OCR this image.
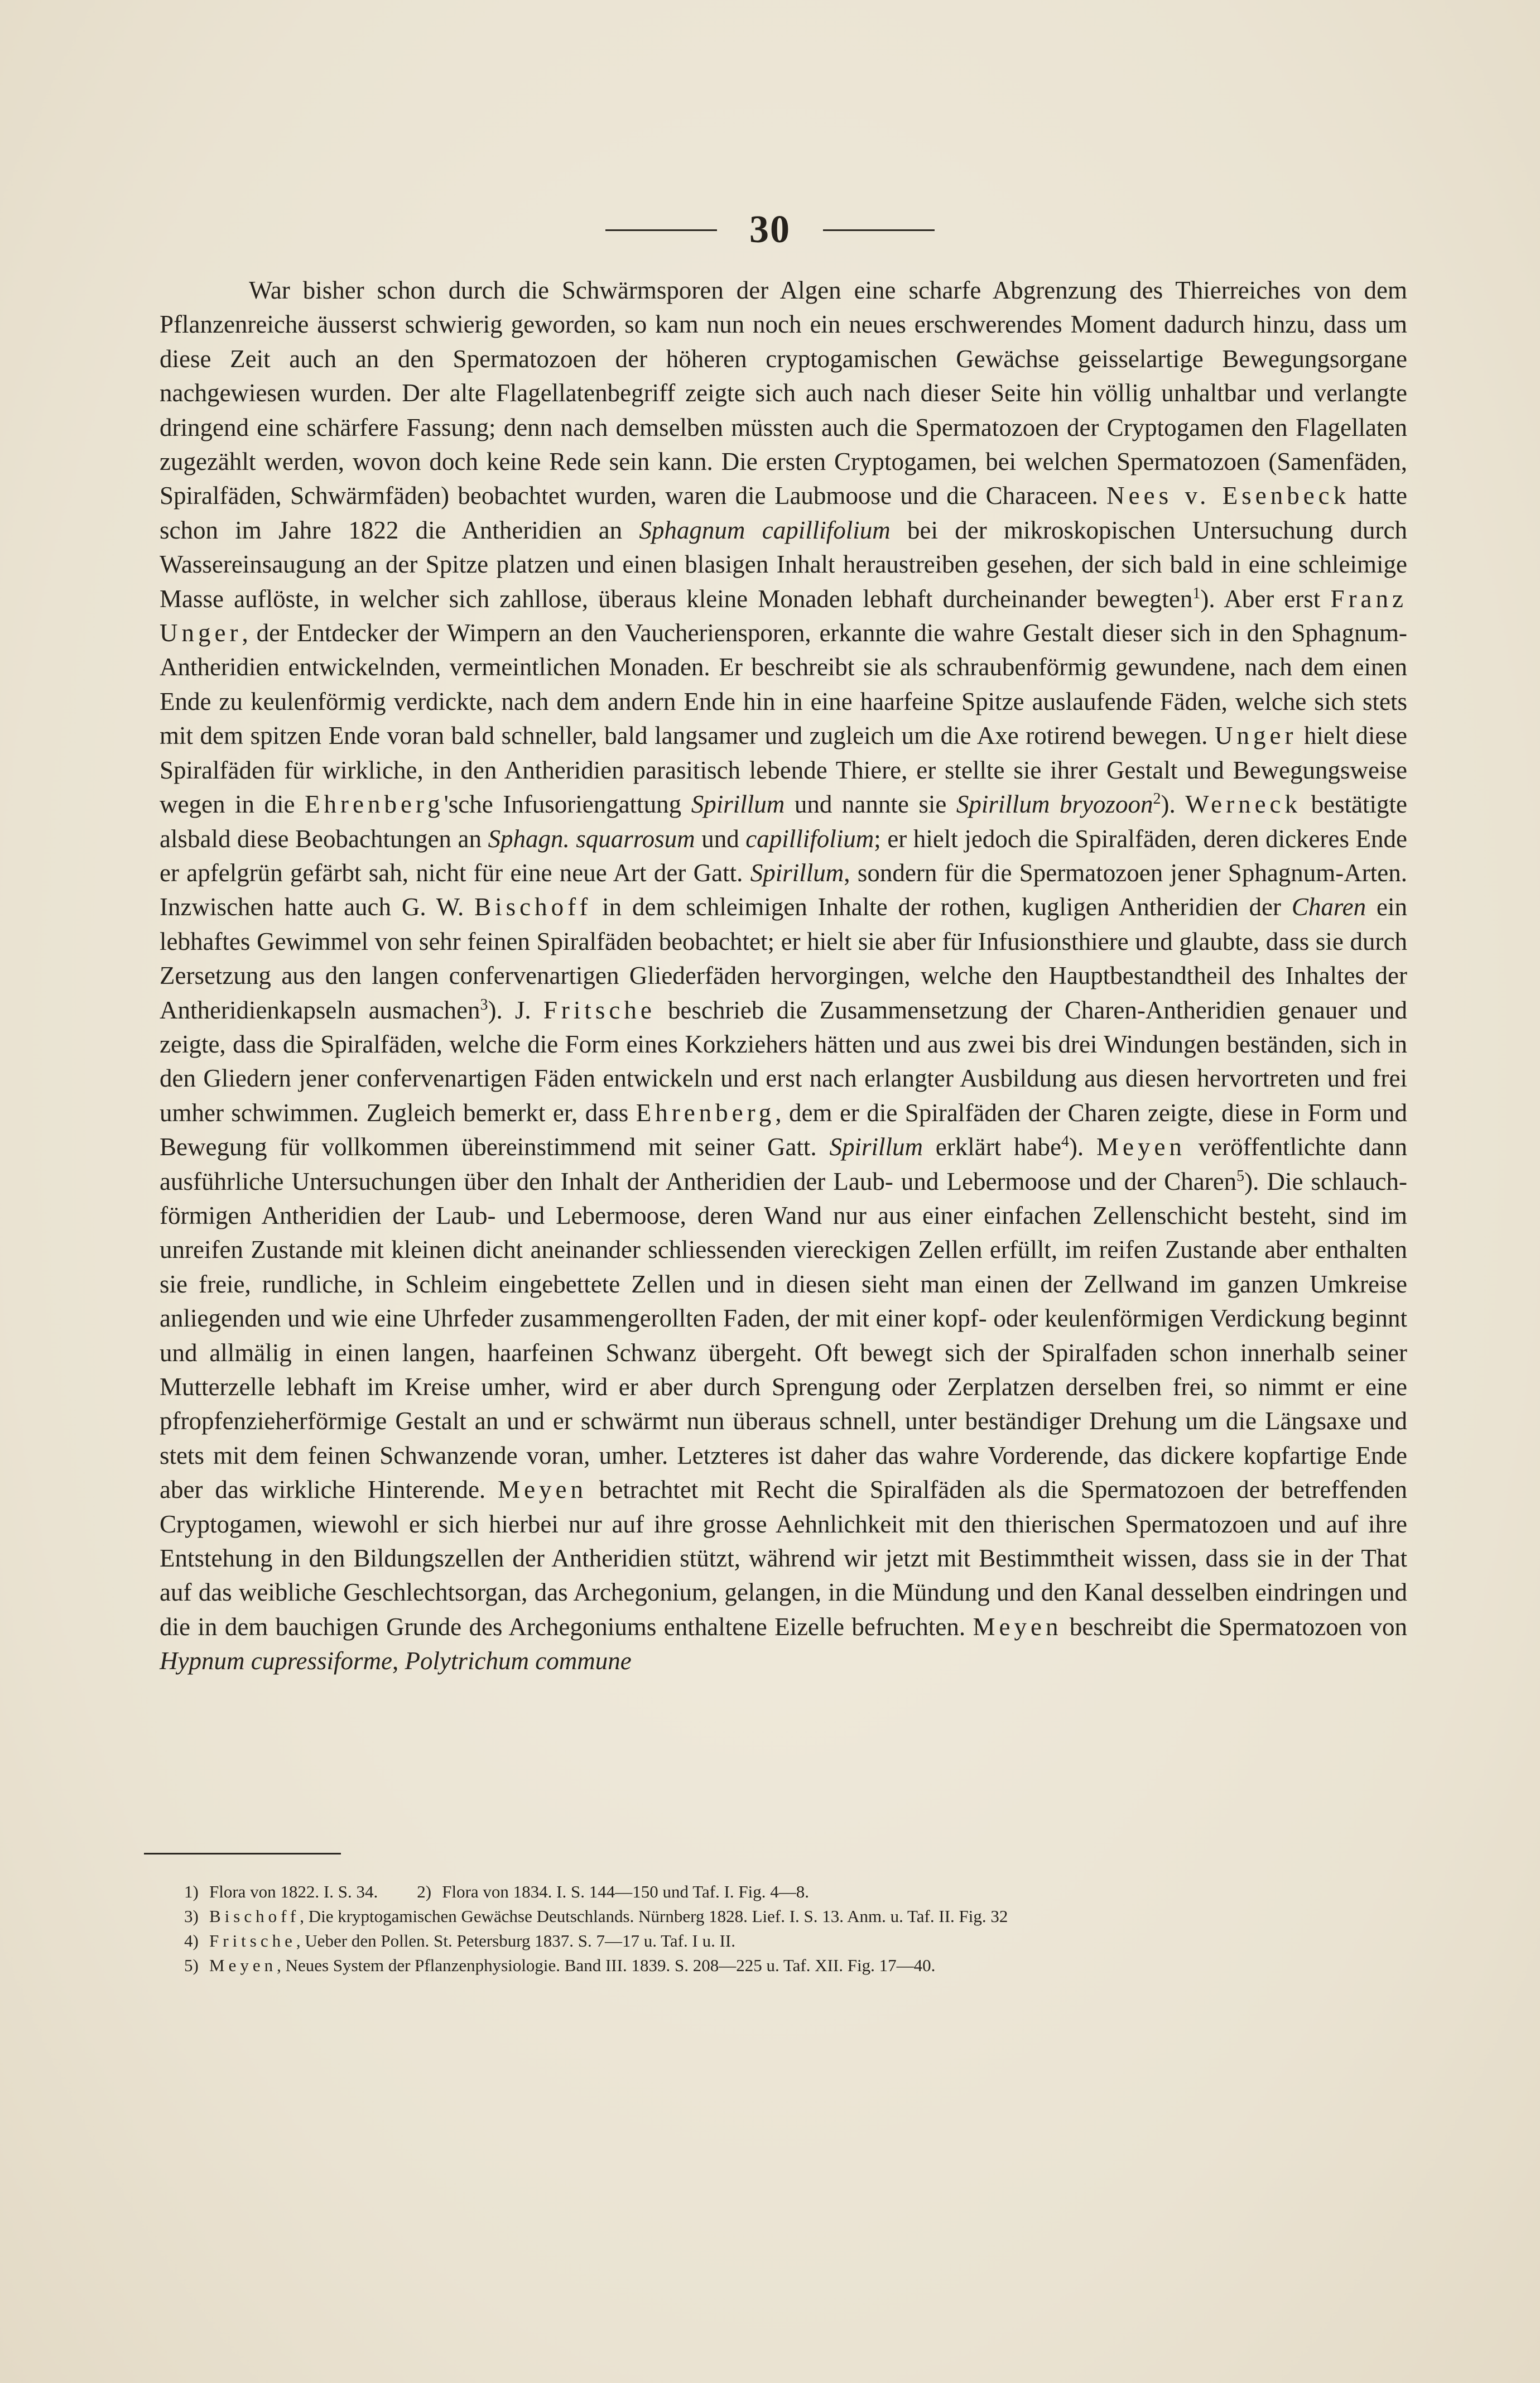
30
War bisher schon durch die Schwärmsporen der Algen eine scharfe Abgrenzung des Thierreiches von dem Pflanzenreiche äusserst schwierig geworden, so kam nun noch ein neues erschwerendes Moment dadurch hinzu, dass um diese Zeit auch an den Spermatozoen der höheren cryptogamischen Gewächse geisselartige Bewegungsorgane nachgewiesen wurden. Der alte Flagellatenbegriff zeigte sich auch nach dieser Seite hin völlig unhaltbar und verlangte dringend eine schärfere Fassung; denn nach demselben müssten auch die Spermatozoen der Cryptogamen den Flagellaten zugezählt werden, wovon doch keine Rede sein kann. Die ersten Cryptogamen, bei welchen Spermatozoen (Samenfäden, Spiralfäden, Schwärmfäden) beobachtet wurden, waren die Laubmoose und die Characeen. Nees v. Esenbeck hatte schon im Jahre 1822 die Antheridien an Sphagnum capillifolium bei der mikroskopischen Untersuchung durch Wassereinsaugung an der Spitze platzen und einen blasigen Inhalt heraustreiben gesehen, der sich bald in eine schleimige Masse auflöste, in welcher sich zahllose, überaus kleine Monaden lebhaft durcheinander bewegten$^1$). Aber erst Franz Unger, der Entdecker der Wimpern an den Vaucheriensporen, erkannte die wahre Gestalt dieser sich in den Sphagnum-Antheridien entwickelnden, vermeintlichen Monaden. Er beschreibt sie als schraubenförmig gewundene, nach dem einen Ende zu keulenförmig verdickte, nach dem andern Ende hin in eine haarfeine Spitze auslaufende Fäden, welche sich stets mit dem spitzen Ende voran bald schneller, bald langsamer und zugleich um die Axe rotirend bewegen. Unger hielt diese Spiralfäden für wirkliche, in den Antheridien parasitisch lebende Thiere, er stellte sie ihrer Gestalt und Bewegungsweise wegen in die Ehrenberg'sche Infusoriengattung Spirillum und nannte sie Spirillum bryozoon$^2$). Werneck bestätigte alsbald diese Beobachtungen an Sphagn. squarrosum und capillifolium; er hielt jedoch die Spiralfäden, deren dickeres Ende er apfelgrün gefärbt sah, nicht für eine neue Art der Gatt. Spirillum, sondern für die Spermatozoen jener Sphagnum-Arten. Inzwischen hatte auch G. W. Bischoff in dem schleimigen Inhalte der rothen, kugligen Antheridien der Charen ein lebhaftes Gewimmel von sehr feinen Spiralfäden beobachtet; er hielt sie aber für Infusionsthiere und glaubte, dass sie durch Zersetzung aus den langen confervenartigen Gliederfäden hervorgingen, welche den Hauptbestandtheil des Inhaltes der Antheridienkapseln ausmachen$^3$). J. Fritsche beschrieb die Zusammensetzung der Charen-Antheridien genauer und zeigte, dass die Spiralfäden, welche die Form eines Korkziehers hätten und aus zwei bis drei Windungen beständen, sich in den Gliedern jener confervenartigen Fäden entwickeln und erst nach erlangter Ausbildung aus diesen hervortreten und frei umher schwimmen. Zugleich bemerkt er, dass Ehrenberg, dem er die Spiralfäden der Charen zeigte, diese in Form und Bewegung für vollkommen übereinstimmend mit seiner Gatt. Spirillum erklärt habe$^4$). Meyen veröffentlichte dann ausführliche Untersuchungen über den Inhalt der Antheridien der Laub- und Lebermoose und der Charen$^5$). Die schlauchförmigen Antheridien der Laub- und Lebermoose, deren Wand nur aus einer einfachen Zellenschicht besteht, sind im unreifen Zustande mit kleinen dicht aneinander schliessenden viereckigen Zellen erfüllt, im reifen Zustande aber enthalten sie freie, rundliche, in Schleim eingebettete Zellen und in diesen sieht man einen der Zellwand im ganzen Umkreise anliegenden und wie eine Uhrfeder zusammengerollten Faden, der mit einer kopf- oder keulenförmigen Verdickung beginnt und allmälig in einen langen, haarfeinen Schwanz übergeht. Oft bewegt sich der Spiralfaden schon innerhalb seiner Mutterzelle lebhaft im Kreise umher, wird er aber durch Sprengung oder Zerplatzen derselben frei, so nimmt er eine pfropfenzieherförmige Gestalt an und er schwärmt nun überaus schnell, unter beständiger Drehung um die Längsaxe und stets mit dem feinen Schwanzende voran, umher. Letzteres ist daher das wahre Vorderende, das dickere kopfartige Ende aber das wirkliche Hinterende. Meyen betrachtet mit Recht die Spiralfäden als die Spermatozoen der betreffenden Cryptogamen, wiewohl er sich hierbei nur auf ihre grosse Aehnlichkeit mit den thierischen Spermatozoen und auf ihre Entstehung in den Bildungszellen der Antheridien stützt, während wir jetzt mit Bestimmtheit wissen, dass sie in der That auf das weibliche Geschlechtsorgan, das Archegonium, gelangen, in die Mündung und den Kanal desselben eindringen und die in dem bauchigen Grunde des Archegoniums enthaltene Eizelle befruchten. Meyen beschreibt die Spermatozoen von Hypnum cupressiforme, Polytrichum commune
1) Flora von 1822. I. S. 34. 2) Flora von 1834. I. S. 144—150 und Taf. I. Fig. 4—8.
3) Bischoff, Die kryptogamischen Gewächse Deutschlands. Nürnberg 1828. Lief. I. S. 13. Anm. u. Taf. II. Fig. 32
4) Fritsche, Ueber den Pollen. St. Petersburg 1837. S. 7—17 u. Taf. I u. II.
5) Meyen, Neues System der Pflanzenphysiologie. Band III. 1839. S. 208—225 u. Taf. XII. Fig. 17—40.
